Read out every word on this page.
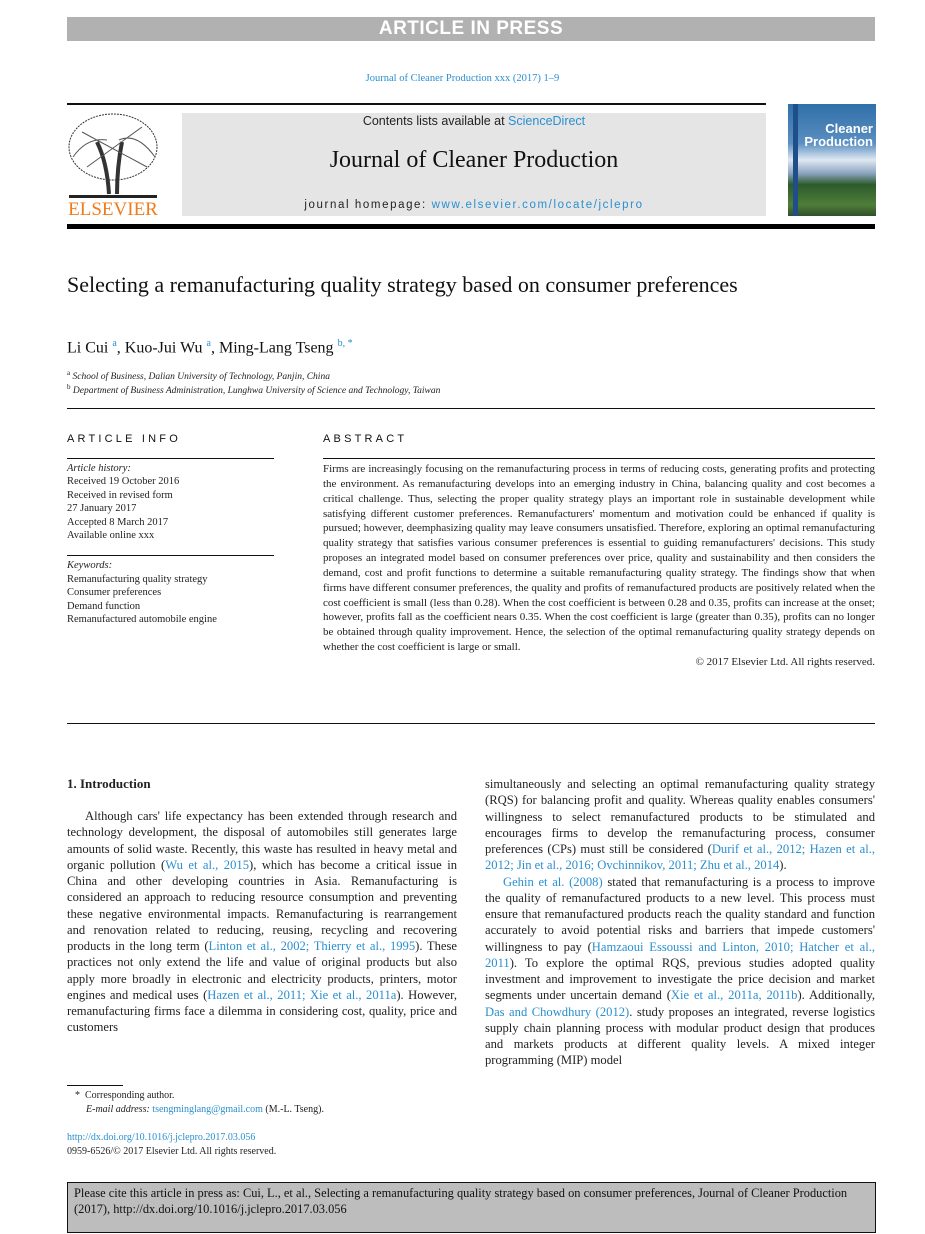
ARTICLE IN PRESS
Journal of Cleaner Production xxx (2017) 1–9
ELSEVIER
Contents lists available at ScienceDirect
Journal of Cleaner Production
journal homepage: www.elsevier.com/locate/jclepro
Cleaner Production
Selecting a remanufacturing quality strategy based on consumer preferences
Li Cui $^a$, Kuo-Jui Wu $^a$, Ming-Lang Tseng $^{b, *}$
$^a$ School of Business, Dalian University of Technology, Panjin, China
$^b$ Department of Business Administration, Lunghwa University of Science and Technology, Taiwan
ARTICLE INFO	ABSTRACT
Article history:
Received 19 October 2016
Received in revised form
27 January 2017
Accepted 8 March 2017
Available online xxx
Keywords:
Remanufacturing quality strategy
Consumer preferences
Demand function
Remanufactured automobile engine
Firms are increasingly focusing on the remanufacturing process in terms of reducing costs, generating profits and protecting the environment. As remanufacturing develops into an emerging industry in China, balancing quality and cost becomes a critical challenge. Thus, selecting the proper quality strategy plays an important role in sustainable development while satisfying different customer preferences. Remanufacturers' momentum and motivation could be enhanced if quality is pursued; however, deemphasizing quality may leave consumers unsatisfied. Therefore, exploring an optimal remanufacturing quality strategy that satisfies various consumer preferences is essential to guiding remanufacturers' decisions. This study proposes an integrated model based on consumer preferences over price, quality and sustainability and then considers the demand, cost and profit functions to determine a suitable remanufacturing quality strategy. The findings show that when firms have different consumer preferences, the quality and profits of remanufactured products are positively related when the cost coefficient is small (less than 0.28). When the cost coefficient is between 0.28 and 0.35, profits can increase at the onset; however, profits fall as the coefficient nears 0.35. When the cost coefficient is large (greater than 0.35), profits can no longer be obtained through quality improvement. Hence, the selection of the optimal remanufacturing quality strategy depends on whether the cost coefficient is large or small.
© 2017 Elsevier Ltd. All rights reserved.
1. Introduction

Although cars' life expectancy has been extended through research and technology development, the disposal of automobiles still generates large amounts of solid waste. Recently, this waste has resulted in heavy metal and organic pollution (Wu et al., 2015), which has become a critical issue in China and other developing countries in Asia. Remanufacturing is considered an approach to reducing resource consumption and preventing these negative environmental impacts. Remanufacturing is rearrangement and renovation related to reducing, reusing, recycling and recovering products in the long term (Linton et al., 2002; Thierry et al., 1995). These practices not only extend the life and value of original products but also apply more broadly in electronic and electricity products, printers, motor engines and medical uses (Hazen et al., 2011; Xie et al., 2011a). However, remanufacturing firms face a dilemma in considering cost, quality, price and customers

simultaneously and selecting an optimal remanufacturing quality strategy (RQS) for balancing profit and quality. Whereas quality enables consumers' willingness to select remanufactured products to be stimulated and encourages firms to develop the remanufacturing process, consumer preferences (CPs) must still be considered (Durif et al., 2012; Hazen et al., 2012; Jin et al., 2016; Ovchinnikov, 2011; Zhu et al., 2014).

Gehin et al. (2008) stated that remanufacturing is a process to improve the quality of remanufactured products to a new level. This process must ensure that remanufactured products reach the quality standard and function accurately to avoid potential risks and barriers that impede customers' willingness to pay (Hamzaoui Essoussi and Linton, 2010; Hatcher et al., 2011). To explore the optimal RQS, previous studies adopted quality investment and improvement to investigate the price decision and market segments under uncertain demand (Xie et al., 2011a, 2011b). Additionally, Das and Chowdhury (2012). study proposes an integrated, reverse logistics supply chain planning process with modular product design that produces and markets products at different quality levels. A mixed integer programming (MIP) model

* Corresponding author.
E-mail address: tsengminglang@gmail.com (M.-L. Tseng).
http://dx.doi.org/10.1016/j.jclepro.2017.03.056
0959-6526/© 2017 Elsevier Ltd. All rights reserved.
Please cite this article in press as: Cui, L., et al., Selecting a remanufacturing quality strategy based on consumer preferences, Journal of Cleaner Production (2017), http://dx.doi.org/10.1016/j.jclepro.2017.03.056
